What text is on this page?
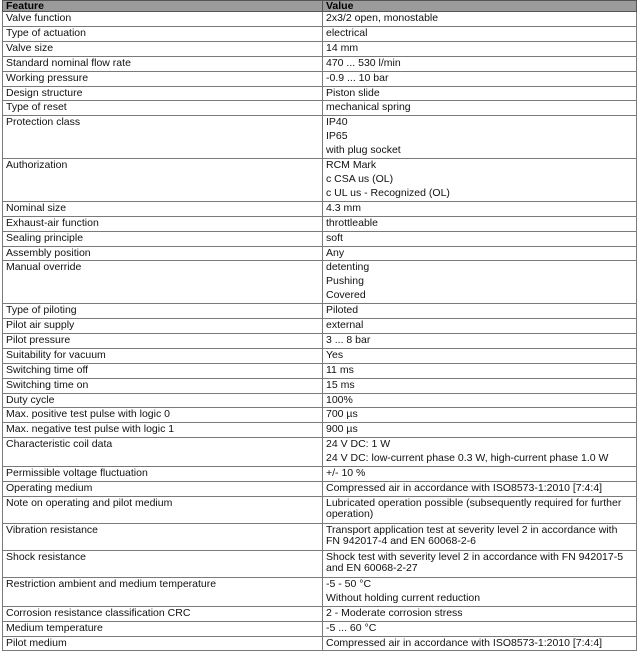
Feature	Value
Valve function	2x3/2 open, monostable

Type of actuation	electrical

Valve size	14 mm

Standard nominal flow rate	470 ... 530 l/min

Working pressure	-0.9 ... 10 bar

Design structure	Piston slide

Type of reset	mechanical spring

Protection class	IP40
IP65
with plug socket

Authorization	RCM Mark
c CSA us (OL)
c UL us - Recognized (OL)

Nominal size	4.3 mm

Exhaust-air function	throttleable

Sealing principle	soft

Assembly position	Any

Manual override	detenting
Pushing
Covered

Type of piloting	Piloted

Pilot air supply	external

Pilot pressure	3 ... 8 bar

Suitability for vacuum	Yes

Switching time off	11 ms

Switching time on	15 ms

Duty cycle	100%

Max. positive test pulse with logic 0	700 µs

Max. negative test pulse with logic 1	900 µs

Characteristic coil data	24 V DC: 1 W
24 V DC: low-current phase 0.3 W, high-current phase 1.0 W

Permissible voltage fluctuation	+/- 10 %

Operating medium	Compressed air in accordance with ISO8573-1:2010 [7:4:4]

Note on operating and pilot medium	Lubricated operation possible (subsequently required for further operation)

Vibration resistance	Transport application test at severity level 2 in accordance with FN 942017-4 and EN 60068-2-6

Shock resistance	Shock test with severity level 2 in accordance with FN 942017-5 and EN 60068-2-27

Restriction ambient and medium temperature	-5 - 50 °C
Without holding current reduction

Corrosion resistance classification CRC	2 - Moderate corrosion stress

Medium temperature	-5 ... 60 °C

Pilot medium	Compressed air in accordance with ISO8573-1:2010 [7:4:4]
